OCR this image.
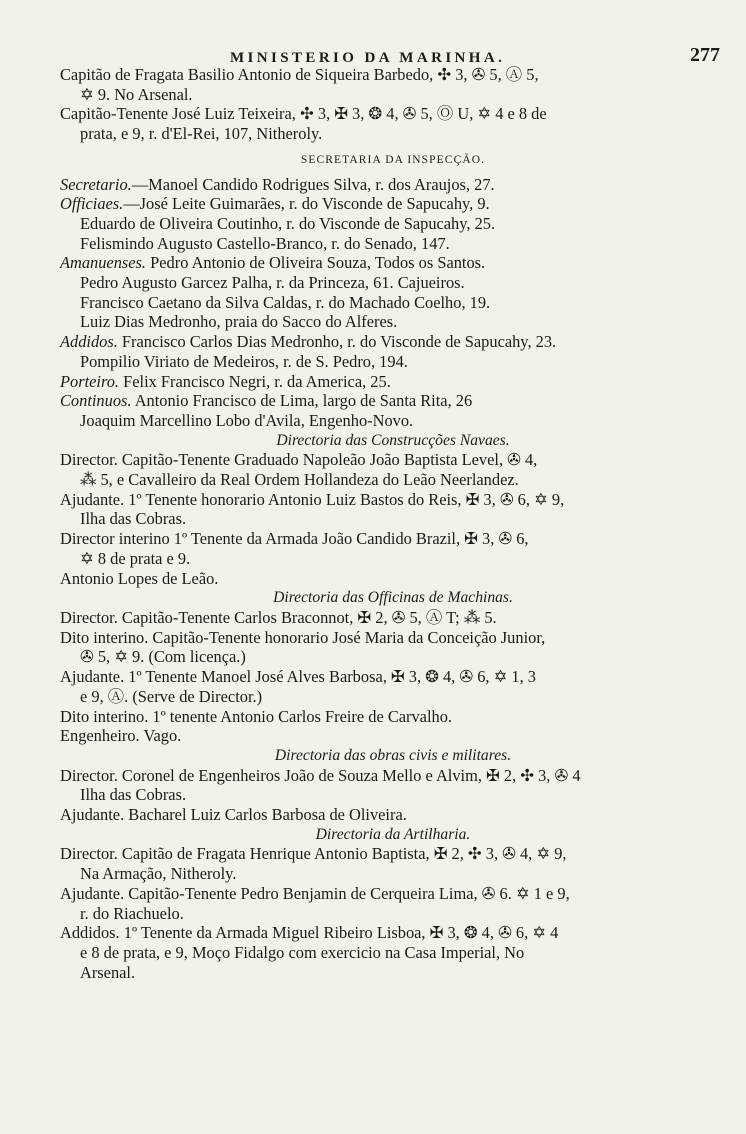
MINISTERIO DA MARINHA.	277
Capitão de Fragata Basilio Antonio de Siqueira Barbedo, ✣ 3, ✇ 5, Ⓐ 5,
✡ 9. No Arsenal.
Capitão-Tenente José Luiz Teixeira, ✣ 3, ✠ 3, ❂ 4, ✇ 5, Ⓞ U, ✡ 4 e 8 de
prata, e 9, r. d'El-Rei, 107, Nitheroly.
SECRETARIA DA INSPECÇÃO.
Secretario.—Manoel Candido Rodrigues Silva, r. dos Araujos, 27.
Officiaes.—José Leite Guimarães, r. do Visconde de Sapucahy, 9.
Eduardo de Oliveira Coutinho, r. do Visconde de Sapucahy, 25.
Felismindo Augusto Castello-Branco, r. do Senado, 147.
Amanuenses. Pedro Antonio de Oliveira Souza, Todos os Santos.
Pedro Augusto Garcez Palha, r. da Princeza, 61. Cajueiros.
Francisco Caetano da Silva Caldas, r. do Machado Coelho, 19.
Luiz Dias Medronho, praia do Sacco do Alferes.
Addidos. Francisco Carlos Dias Medronho, r. do Visconde de Sapucahy, 23.
Pompilio Viriato de Medeiros, r. de S. Pedro, 194.
Porteiro. Felix Francisco Negri, r. da America, 25.
Continuos. Antonio Francisco de Lima, largo de Santa Rita, 26
Joaquim Marcellino Lobo d'Avila, Engenho-Novo.
Directoria das Construcções Navaes.
Director. Capitão-Tenente Graduado Napoleão João Baptista Level, ✇ 4,
⁂ 5, e Cavalleiro da Real Ordem Hollandeza do Leão Neerlandez.
Ajudante. 1º Tenente honorario Antonio Luiz Bastos do Reis, ✠ 3, ✇ 6, ✡ 9,
Ilha das Cobras.
Director interino 1º Tenente da Armada João Candido Brazil, ✠ 3, ✇ 6,
✡ 8 de prata e 9.
Antonio Lopes de Leão.
Directoria das Officinas de Machinas.
Director. Capitão-Tenente Carlos Braconnot, ✠ 2, ✇ 5, Ⓐ T; ⁂ 5.
Dito interino. Capitão-Tenente honorario José Maria da Conceição Junior,
✇ 5, ✡ 9. (Com licença.)
Ajudante. 1º Tenente Manoel José Alves Barbosa, ✠ 3, ❂ 4, ✇ 6, ✡ 1, 3
e 9, Ⓐ. (Serve de Director.)
Dito interino. 1º tenente Antonio Carlos Freire de Carvalho.
Engenheiro. Vago.
Directoria das obras civis e militares.
Director. Coronel de Engenheiros João de Souza Mello e Alvim, ✠ 2, ✣ 3, ✇ 4
Ilha das Cobras.
Ajudante. Bacharel Luiz Carlos Barbosa de Oliveira.
Directoria da Artilharia.
Director. Capitão de Fragata Henrique Antonio Baptista, ✠ 2, ✣ 3, ✇ 4, ✡ 9,
Na Armação, Nitheroly.
Ajudante. Capitão-Tenente Pedro Benjamin de Cerqueira Lima, ✇ 6. ✡ 1 e 9,
r. do Riachuelo.
Addidos. 1º Tenente da Armada Miguel Ribeiro Lisboa, ✠ 3, ❂ 4, ✇ 6, ✡ 4
e 8 de prata, e 9, Moço Fidalgo com exercicio na Casa Imperial, No
Arsenal.
